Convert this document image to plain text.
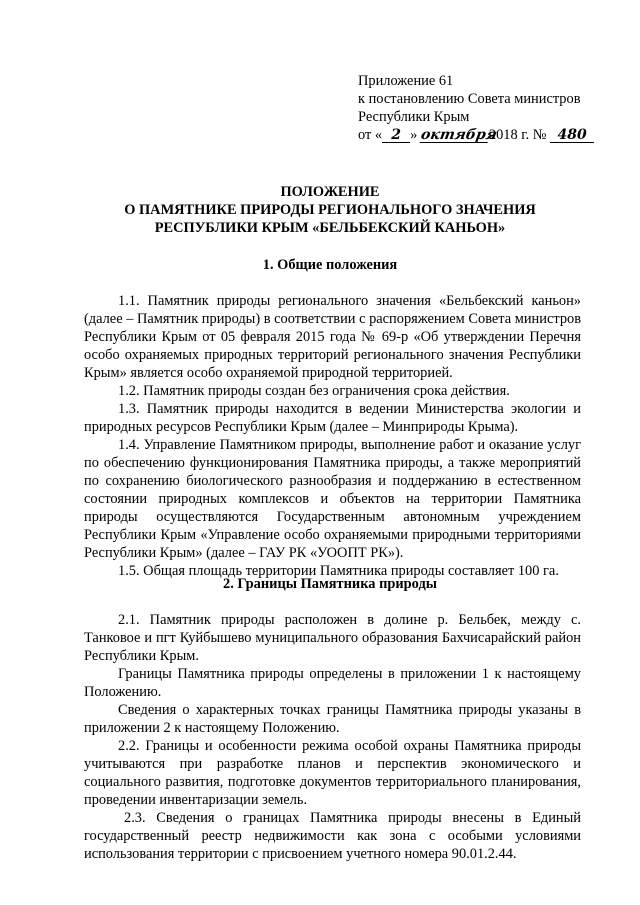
Приложение 61
к постановлению Совета министров
Республики Крым
от « 2 » октября2018 г. № 480
ПОЛОЖЕНИЕ
О ПАМЯТНИКЕ ПРИРОДЫ РЕГИОНАЛЬНОГО ЗНАЧЕНИЯ
РЕСПУБЛИКИ КРЫМ «БЕЛЬБЕКСКИЙ КАНЬОН»
1. Общие положения

1.1. Памятник природы регионального значения «Бельбекский каньон» (далее – Памятник природы) в соответствии с распоряжением Совета министров Республики Крым от 05 февраля 2015 года № 69-р «Об утверждении Перечня особо охраняемых природных территорий регионального значения Республики Крым» является особо охраняемой природной территорией.

1.2. Памятник природы создан без ограничения срока действия.

1.3. Памятник природы находится в ведении Министерства экологии и природных ресурсов Республики Крым (далее – Минприроды Крыма).

1.4. Управление Памятником природы, выполнение работ и оказание услуг по обеспечению функционирования Памятника природы, а также мероприятий по сохранению биологического разнообразия и поддержанию в естественном состоянии природных комплексов и объектов на территории Памятника природы осуществляются Государственным автономным учреждением Республики Крым «Управление особо охраняемыми природными территориями Республики Крым» (далее – ГАУ РК «УООПТ РК»).

1.5. Общая площадь территории Памятника природы составляет 100 га.

2. Границы Памятника природы

2.1. Памятник природы расположен в долине р. Бельбек, между с. Танковое и пгт Куйбышево муниципального образования Бахчисарайский район Республики Крым.

Границы Памятника природы определены в приложении 1 к настоящему Положению.

Сведения о характерных точках границы Памятника природы указаны в приложении 2 к настоящему Положению.

2.2. Границы и особенности режима особой охраны Памятника природы учитываются при разработке планов и перспектив экономического и социального развития, подготовке документов территориального планирования, проведении инвентаризации земель.

2.3. Сведения о границах Памятника природы внесены в Единый государственный реестр недвижимости как зона с особыми условиями использования территории с присвоением учетного номера 90.01.2.44.
